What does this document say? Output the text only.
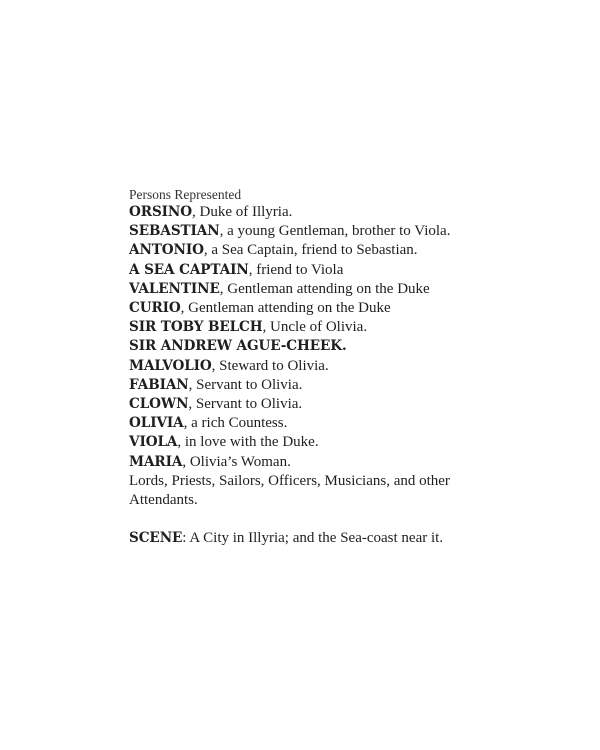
Persons Represented
ORSINO, Duke of Illyria.
SEBASTIAN, a young Gentleman, brother to Viola.
ANTONIO, a Sea Captain, friend to Sebastian.
A SEA CAPTAIN, friend to Viola
VALENTINE, Gentleman attending on the Duke
CURIO, Gentleman attending on the Duke
SIR TOBY BELCH, Uncle of Olivia.
SIR ANDREW AGUE-CHEEK.
MALVOLIO, Steward to Olivia.
FABIAN, Servant to Olivia.
CLOWN, Servant to Olivia.
OLIVIA, a rich Countess.
VIOLA, in love with the Duke.
MARIA, Olivia’s Woman.
Lords, Priests, Sailors, Officers, Musicians, and other Attendants.
SCENE: A City in Illyria; and the Sea-coast near it.
